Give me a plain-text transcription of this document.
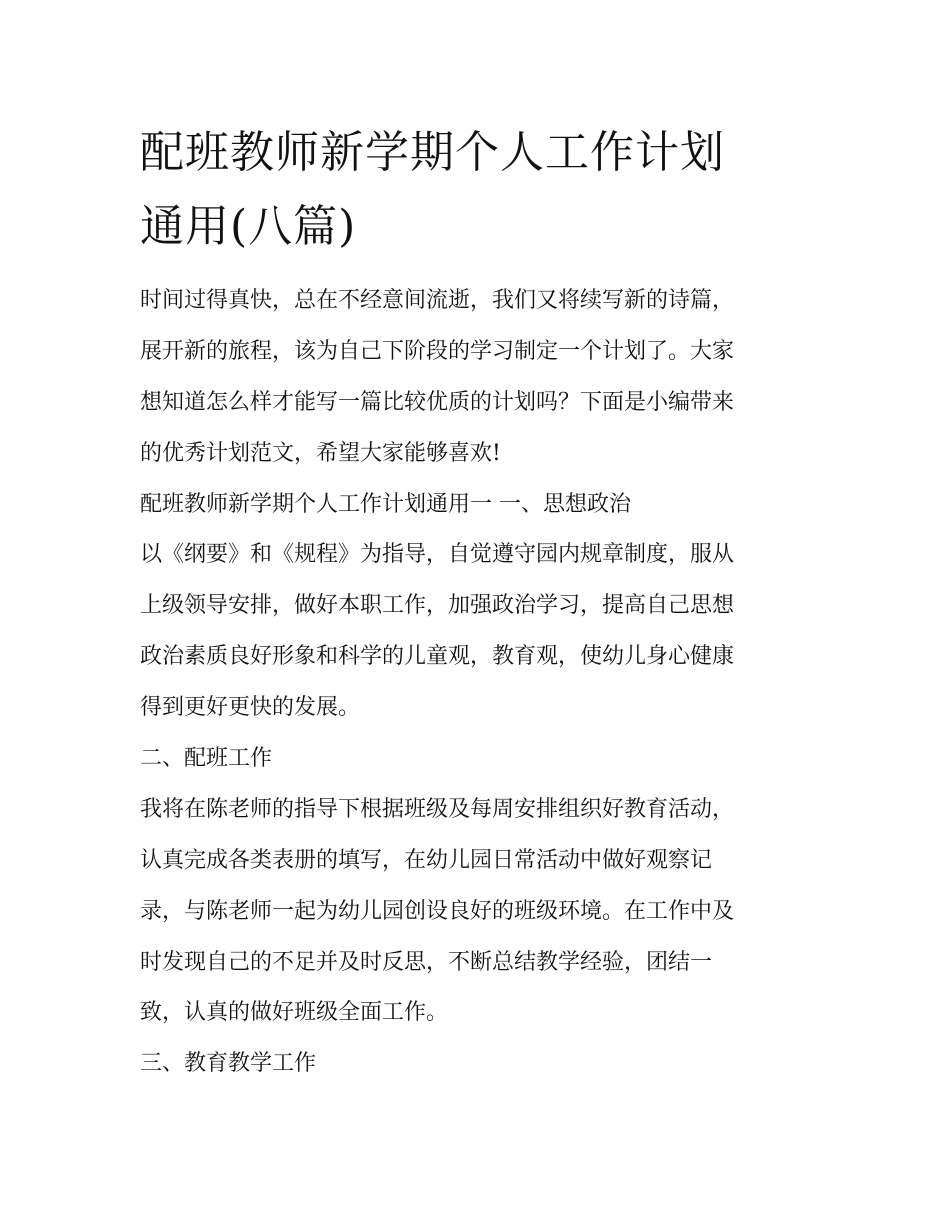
配班教师新学期个人工作计划
通用(八篇)
时间过得真快，总在不经意间流逝，我们又将续写新的诗篇，
展开新的旅程，该为自己下阶段的学习制定一个计划了。大家
想知道怎么样才能写一篇比较优质的计划吗？下面是小编带来
的优秀计划范文，希望大家能够喜欢!
配班教师新学期个人工作计划通用一 一、思想政治
以《纲要》和《规程》为指导，自觉遵守园内规章制度，服从
上级领导安排，做好本职工作，加强政治学习，提高自己思想
政治素质良好形象和科学的儿童观，教育观，使幼儿身心健康
得到更好更快的发展。
二、配班工作
我将在陈老师的指导下根据班级及每周安排组织好教育活动，
认真完成各类表册的填写，在幼儿园日常活动中做好观察记
录，与陈老师一起为幼儿园创设良好的班级环境。在工作中及
时发现自己的不足并及时反思，不断总结教学经验，团结一
致，认真的做好班级全面工作。
三、教育教学工作
